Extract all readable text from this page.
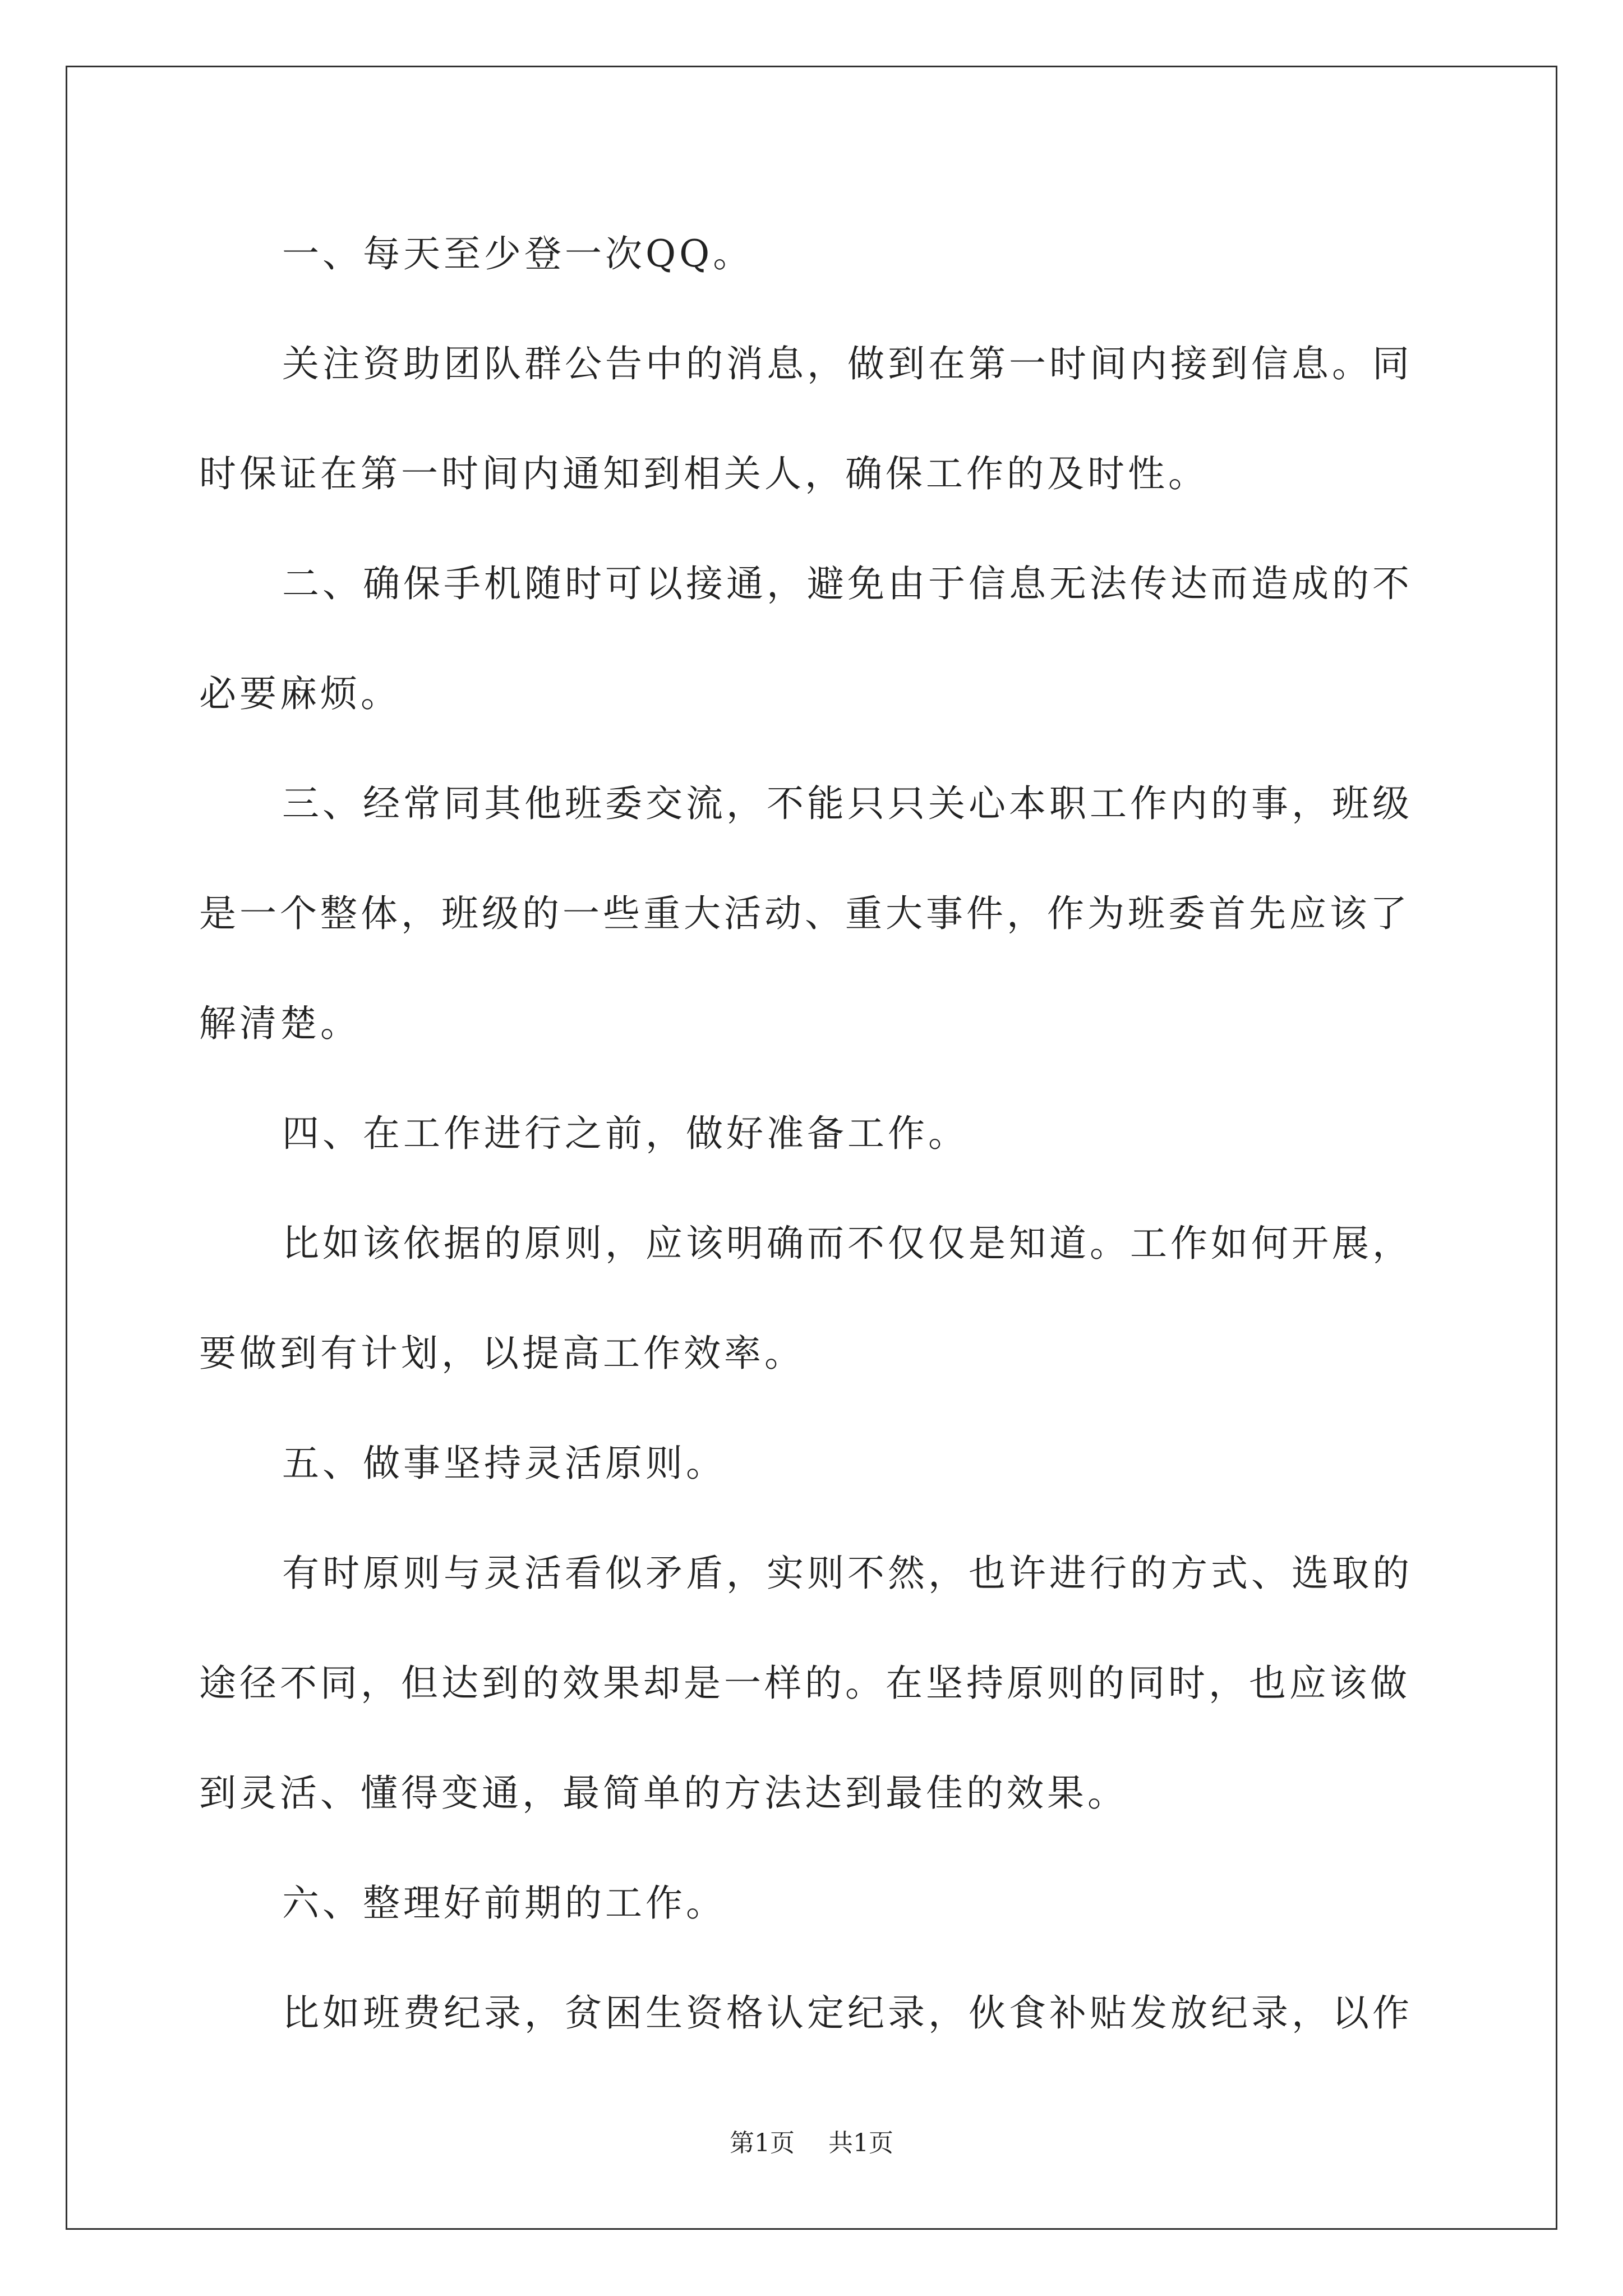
一、每天至少登一次QQ。

关注资助团队群公告中的消息，做到在第一时间内接到信息。同时保证在第一时间内通知到相关人，确保工作的及时性。

二、确保手机随时可以接通，避免由于信息无法传达而造成的不必要麻烦。

三、经常同其他班委交流，不能只只关心本职工作内的事，班级是一个整体，班级的一些重大活动、重大事件，作为班委首先应该了解清楚。

四、在工作进行之前，做好准备工作。

比如该依据的原则，应该明确而不仅仅是知道。工作如何开展，要做到有计划，以提高工作效率。

五、做事坚持灵活原则。

有时原则与灵活看似矛盾，实则不然，也许进行的方式、选取的途径不同，但达到的效果却是一样的。在坚持原则的同时，也应该做到灵活、懂得变通，最简单的方法达到最佳的效果。

六、整理好前期的工作。

比如班费纪录，贫困生资格认定纪录，伙食补贴发放纪录，以作

第1页 共1页
